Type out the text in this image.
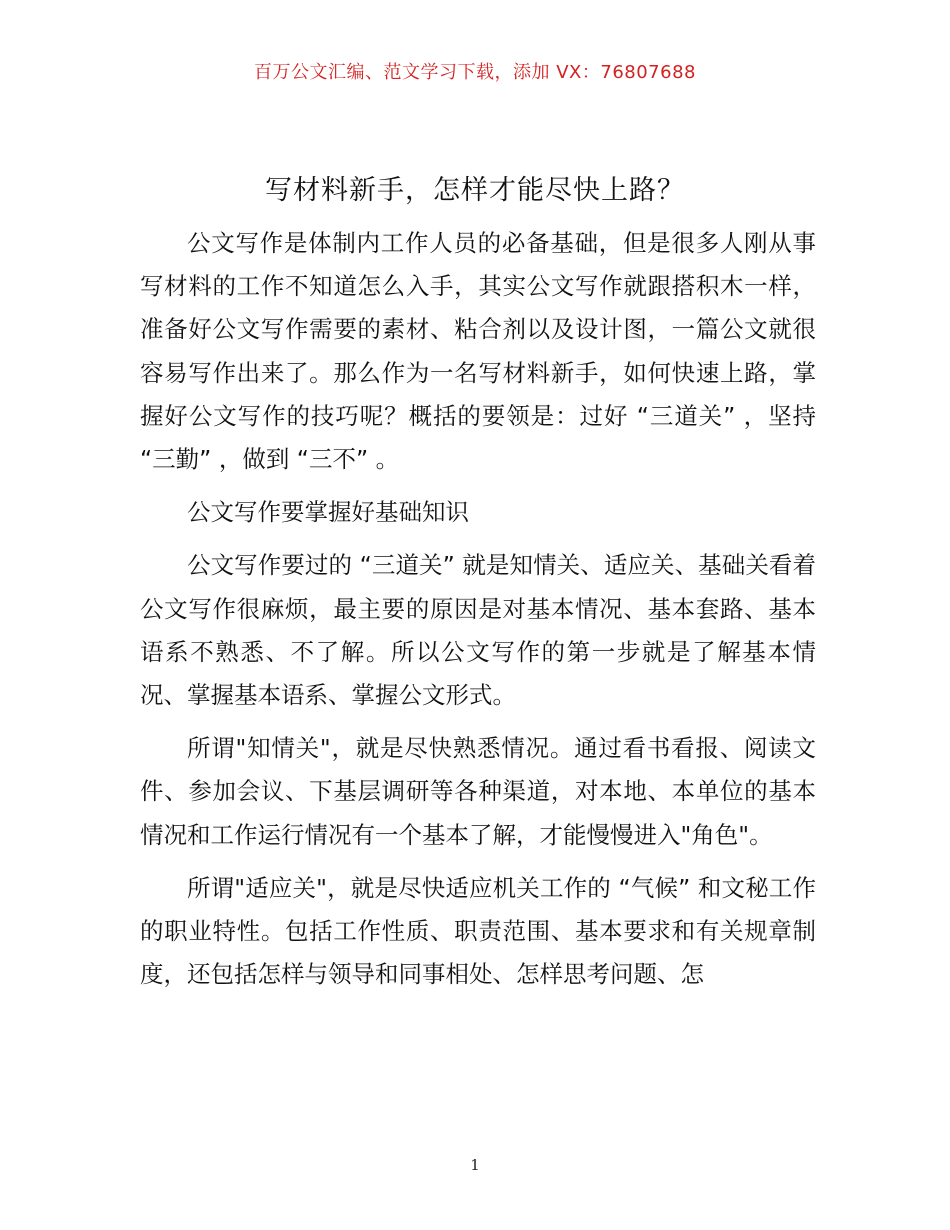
百万公文汇编、范文学习下载，添加 VX：76807688
写材料新手，怎样才能尽快上路？

公文写作是体制内工作人员的必备基础，但是很多人刚从事写材料的工作不知道怎么入手，其实公文写作就跟搭积木一样，准备好公文写作需要的素材、粘合剂以及设计图，一篇公文就很容易写作出来了。那么作为一名写材料新手，如何快速上路，掌握好公文写作的技巧呢？概括的要领是：过好 “三道关” ，坚持 “三勤” ，做到 “三不” 。

公文写作要掌握好基础知识

公文写作要过的 “三道关” 就是知情关、适应关、基础关看着公文写作很麻烦，最主要的原因是对基本情况、基本套路、基本语系不熟悉、不了解。所以公文写作的第一步就是了解基本情况、掌握基本语系、掌握公文形式。

所谓"知情关"，就是尽快熟悉情况。通过看书看报、阅读文件、参加会议、下基层调研等各种渠道，对本地、本单位的基本情况和工作运行情况有一个基本了解，才能慢慢进入"角色"。

所谓"适应关"，就是尽快适应机关工作的 “气候” 和文秘工作的职业特性。包括工作性质、职责范围、基本要求和有关规章制度，还包括怎样与领导和同事相处、怎样思考问题、怎

1
